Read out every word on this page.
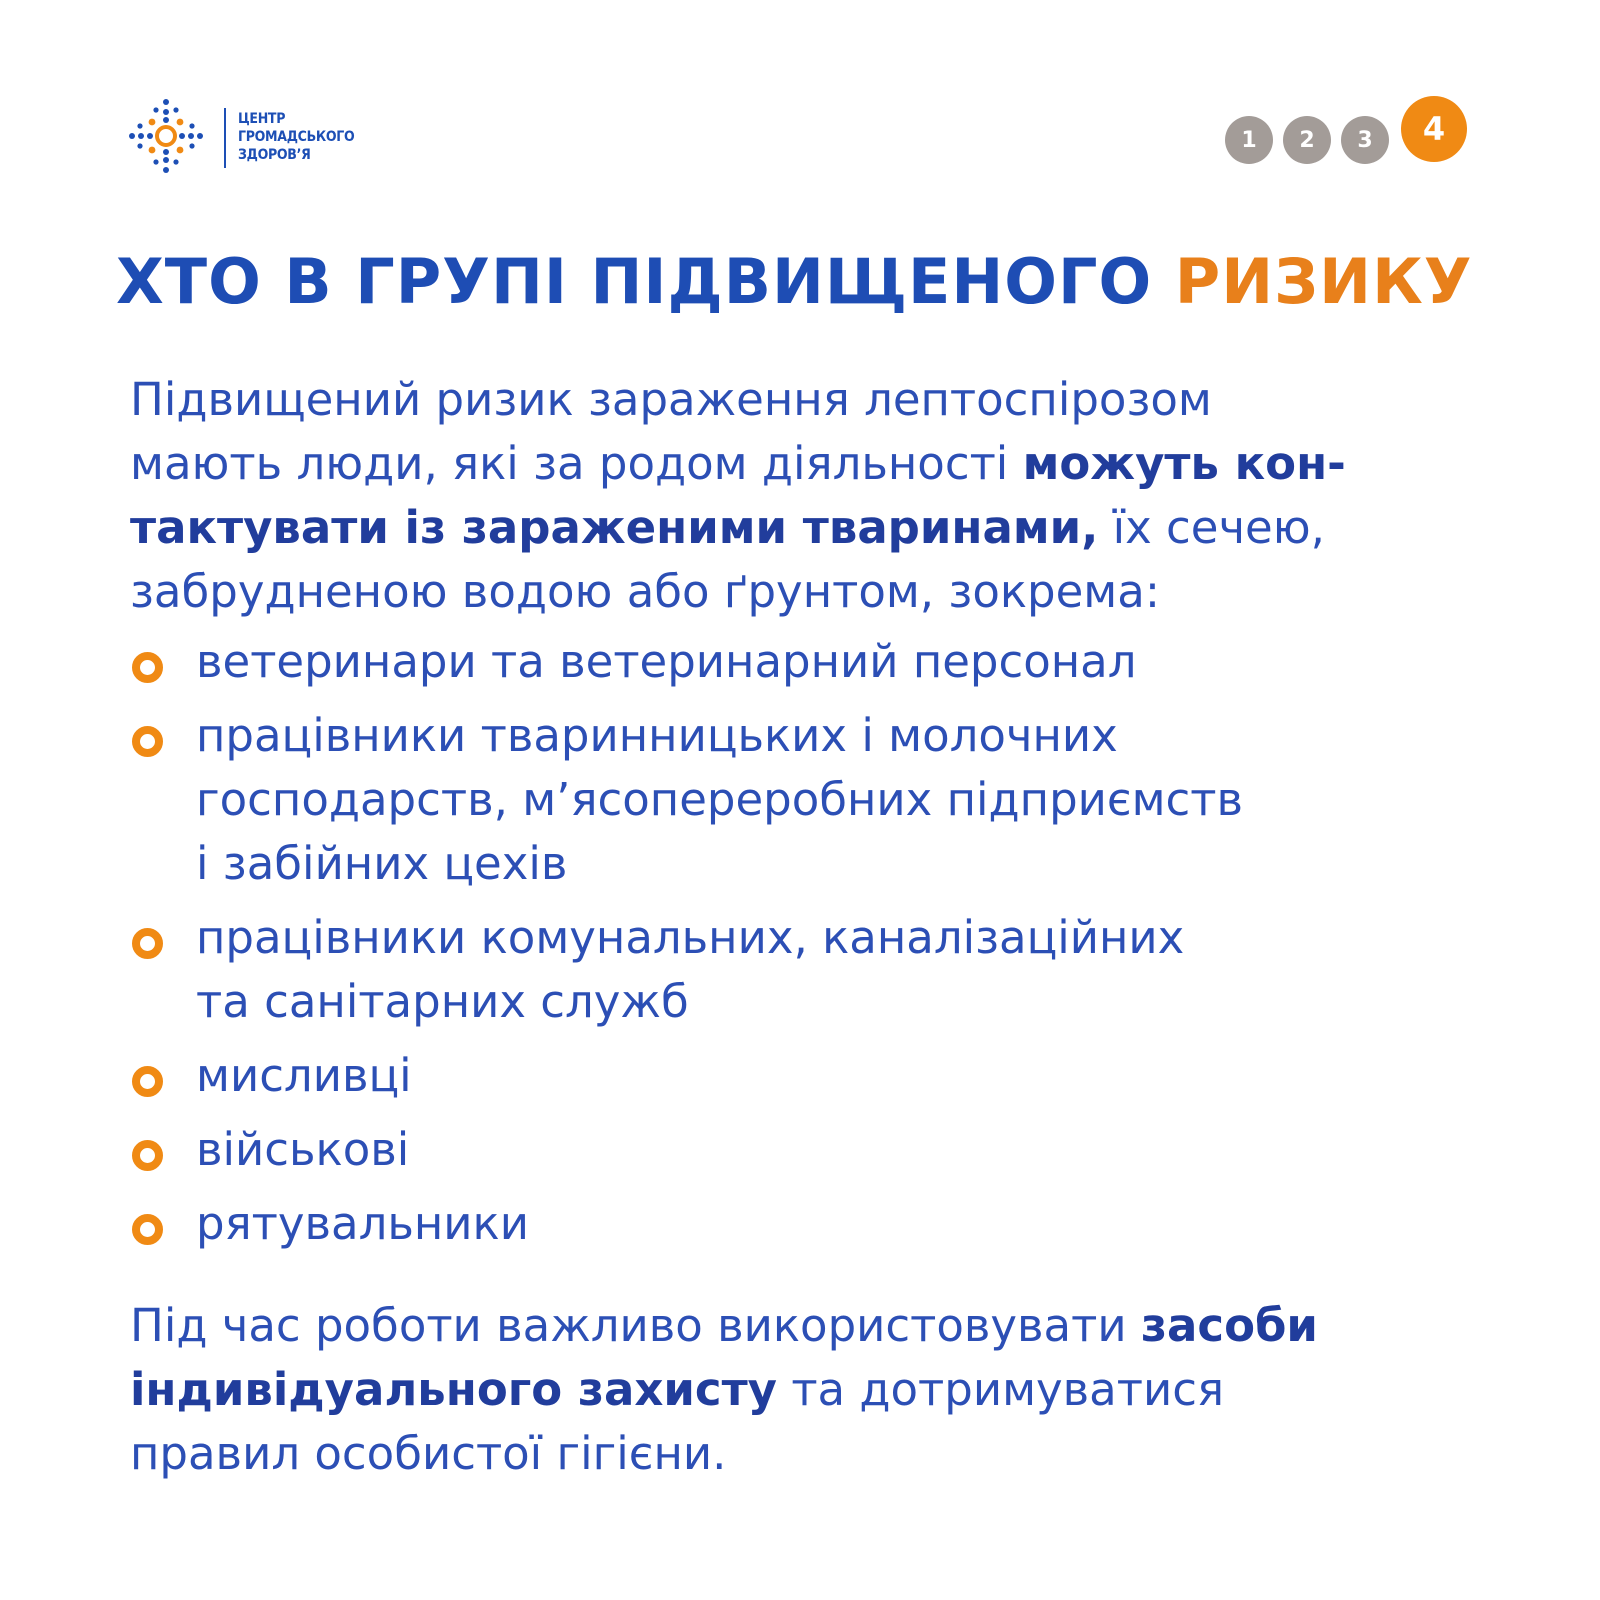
ЦЕНТР
ГРОМАДСЬКОГО
ЗДОРОВ’Я
1	2	3	4
ХТО В ГРУПІ ПІДВИЩЕНОГО РИЗИКУ

Підвищений ризик зараження лептоспірозом
мають люди, які за родом діяльності можуть кон-
тактувати із зараженими тваринами, їх сечею,
забрудненою водою або ґрунтом, зокрема:

ветеринари та ветеринарний персонал
працівники тваринницьких і молочних
господарств, м’ясопереробних підприємств
і забійних цехів
працівники комунальних, каналізаційних
та санітарних служб
мисливці
військові
рятувальники

Під час роботи важливо використовувати засоби
індивідуального захисту та дотримуватися
правил особистої гігієни.
